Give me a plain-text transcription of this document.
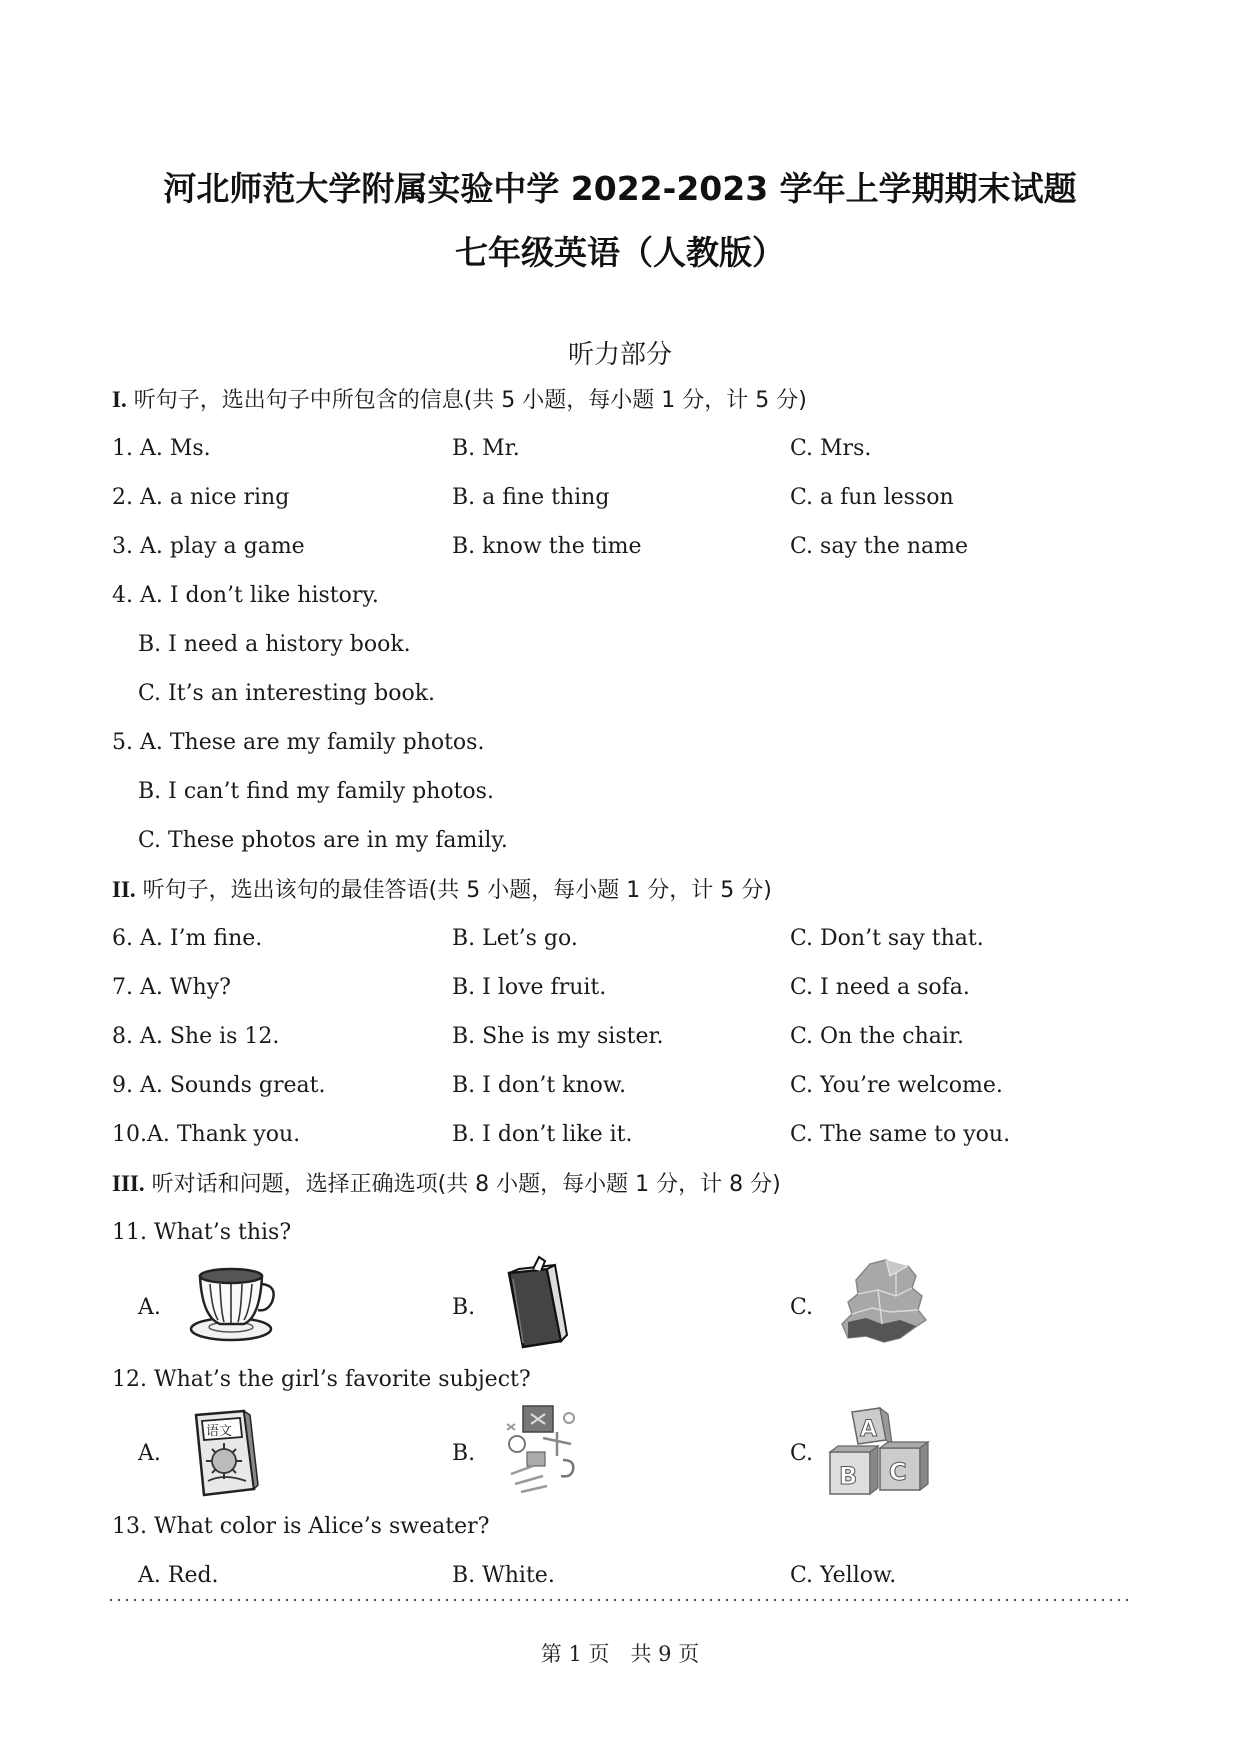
河北师范大学附属实验中学 2022-2023 学年上学期期末试题
七年级英语（人教版）
听力部分
I. 听句子，选出句子中所包含的信息(共 5 小题，每小题 1 分，计 5 分)
1. A. Ms.	B. Mr.	C. Mrs.
2. A. a nice ring	B. a fine thing	C. a fun lesson
3. A. play a game	B. know the time	C. say the name
4. A. I don’t like history.
B. I need a history book.
C. It’s an interesting book.
5. A. These are my family photos.
B. I can’t find my family photos.
C. These photos are in my family.
II. 听句子，选出该句的最佳答语(共 5 小题，每小题 1 分，计 5 分)
6. A. I’m fine.	B. Let’s go.	C. Don’t say that.
7. A. Why?	B. I love fruit.	C. I need a sofa.
8. A. She is 12.	B. She is my sister.	C. On the chair.
9. A. Sounds great.	B. I don’t know.	C. You’re welcome.
10.A. Thank you.	B. I don’t like it.	C. The same to you.
III. 听对话和问题，选择正确选项(共 8 小题，每小题 1 分，计 8 分)
11. What’s this?
A.	B.	C.
12. What’s the girl’s favorite subject?
A.
语文
B.	C.
A
B C
13. What color is Alice’s sweater?
A. Red.	B. White.	C. Yellow.
第 1 页　共 9 页
